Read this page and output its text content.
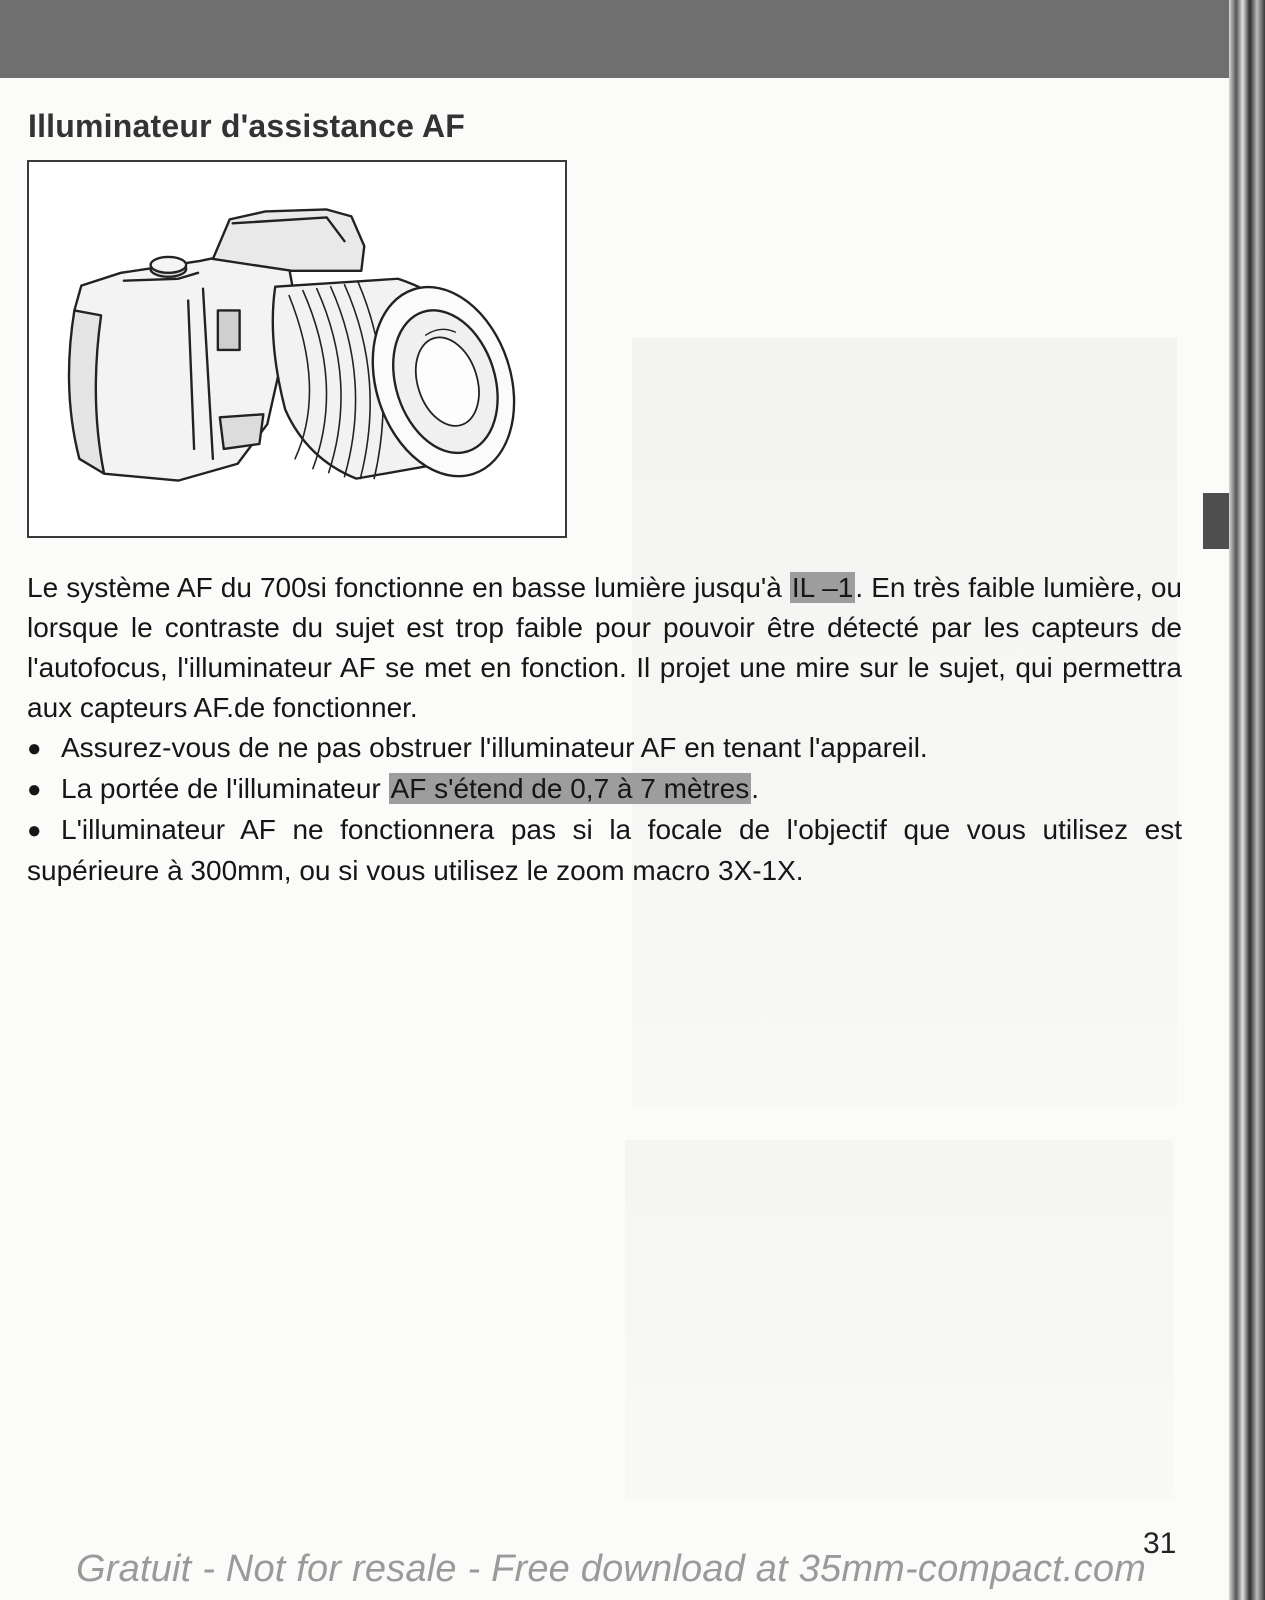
Illuminateur d'assistance AF

Le système AF du 700si fonctionne en basse lumière jusqu'à IL –1. En très faible lumière, ou lorsque le contraste du sujet est trop faible pour pouvoir être détecté par les capteurs de l'autofocus, l'illuminateur AF se met en fonction. Il projet une mire sur le sujet, qui permettra aux capteurs AF.de fonctionner.

● Assurez-vous de ne pas obstruer l'illuminateur AF en tenant l'appareil.
● La portée de l'illuminateur AF s'étend de 0,7 à 7 mètres.
● L'illuminateur AF ne fonctionnera pas si la focale de l'objectif que vous utilisez est supérieure à 300mm, ou si vous utilisez le zoom macro 3X-1X.
31
Gratuit - Not for resale - Free download at 35mm-compact.com
